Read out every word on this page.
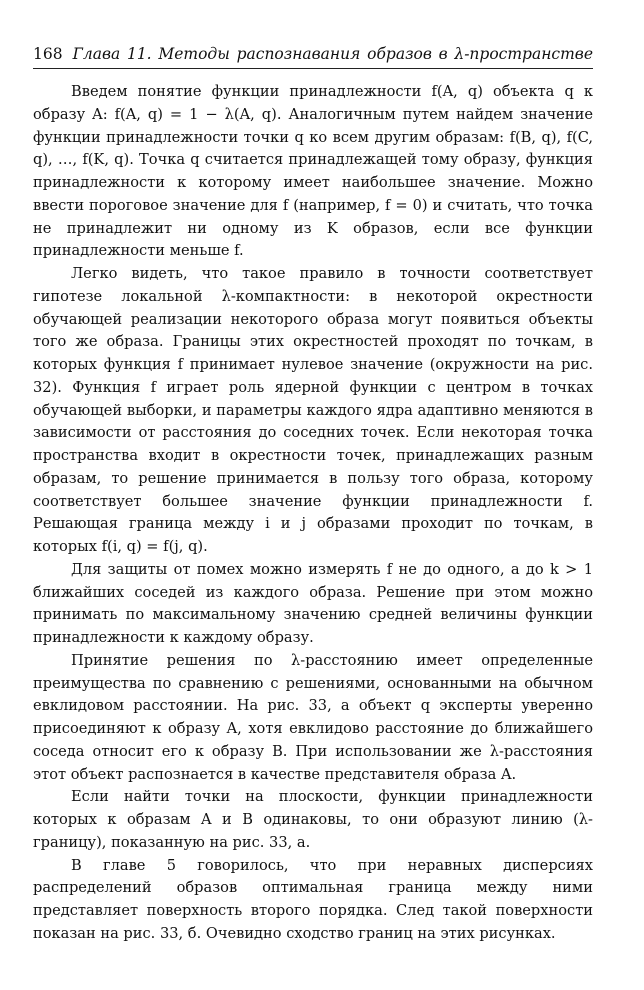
168 Глава 11. Методы распознавания образов в λ-пространстве

Введем понятие функции принадлежности f(A, q) объекта q к образу A: f(A, q) = 1 − λ(A, q). Аналогичным путем найдем значение функции принадлежности точки q ко всем другим образам: f(B, q), f(C, q), …, f(K, q). Точка q считается принадлежащей тому образу, функция принадлежности к которому имеет наибольшее значение. Можно ввести пороговое значение для f (например, f = 0) и считать, что точка не принадлежит ни одному из K образов, если все функции принадлежности меньше f.

Легко видеть, что такое правило в точности соответствует гипотезе локальной λ-компактности: в некоторой окрестности обучающей реализации некоторого образа могут появиться объекты того же образа. Границы этих окрестностей проходят по точкам, в которых функция f принимает нулевое значение (окружности на рис. 32). Функция f играет роль ядерной функции с центром в точках обучающей выборки, и параметры каждого ядра адаптивно меняются в зависимости от расстояния до соседних точек. Если некоторая точка пространства входит в окрестности точек, принадлежащих разным образам, то решение принимается в пользу того образа, которому соответствует большее значение функции принадлежности f. Решающая граница между i и j образами проходит по точкам, в которых f(i, q) = f(j, q).

Для защиты от помех можно измерять f не до одного, а до k > 1 ближайших соседей из каждого образа. Решение при этом можно принимать по максимальному значению средней величины функции принадлежности к каждому образу.

Принятие решения по λ-расстоянию имеет определенные преимущества по сравнению с решениями, основанными на обычном евклидовом расстоянии. На рис. 33, а объект q эксперты уверенно присоединяют к образу A, хотя евклидово расстояние до ближайшего соседа относит его к образу B. При использовании же λ-расстояния этот объект распознается в качестве представителя образа A.

Если найти точки на плоскости, функции принадлежности которых к образам A и B одинаковы, то они образуют линию (λ-границу), показанную на рис. 33, а.

В главе 5 говорилось, что при неравных дисперсиях распределений образов оптимальная граница между ними представляет поверхность второго порядка. След такой поверхности показан на рис. 33, б. Очевидно сходство границ на этих рисунках.
